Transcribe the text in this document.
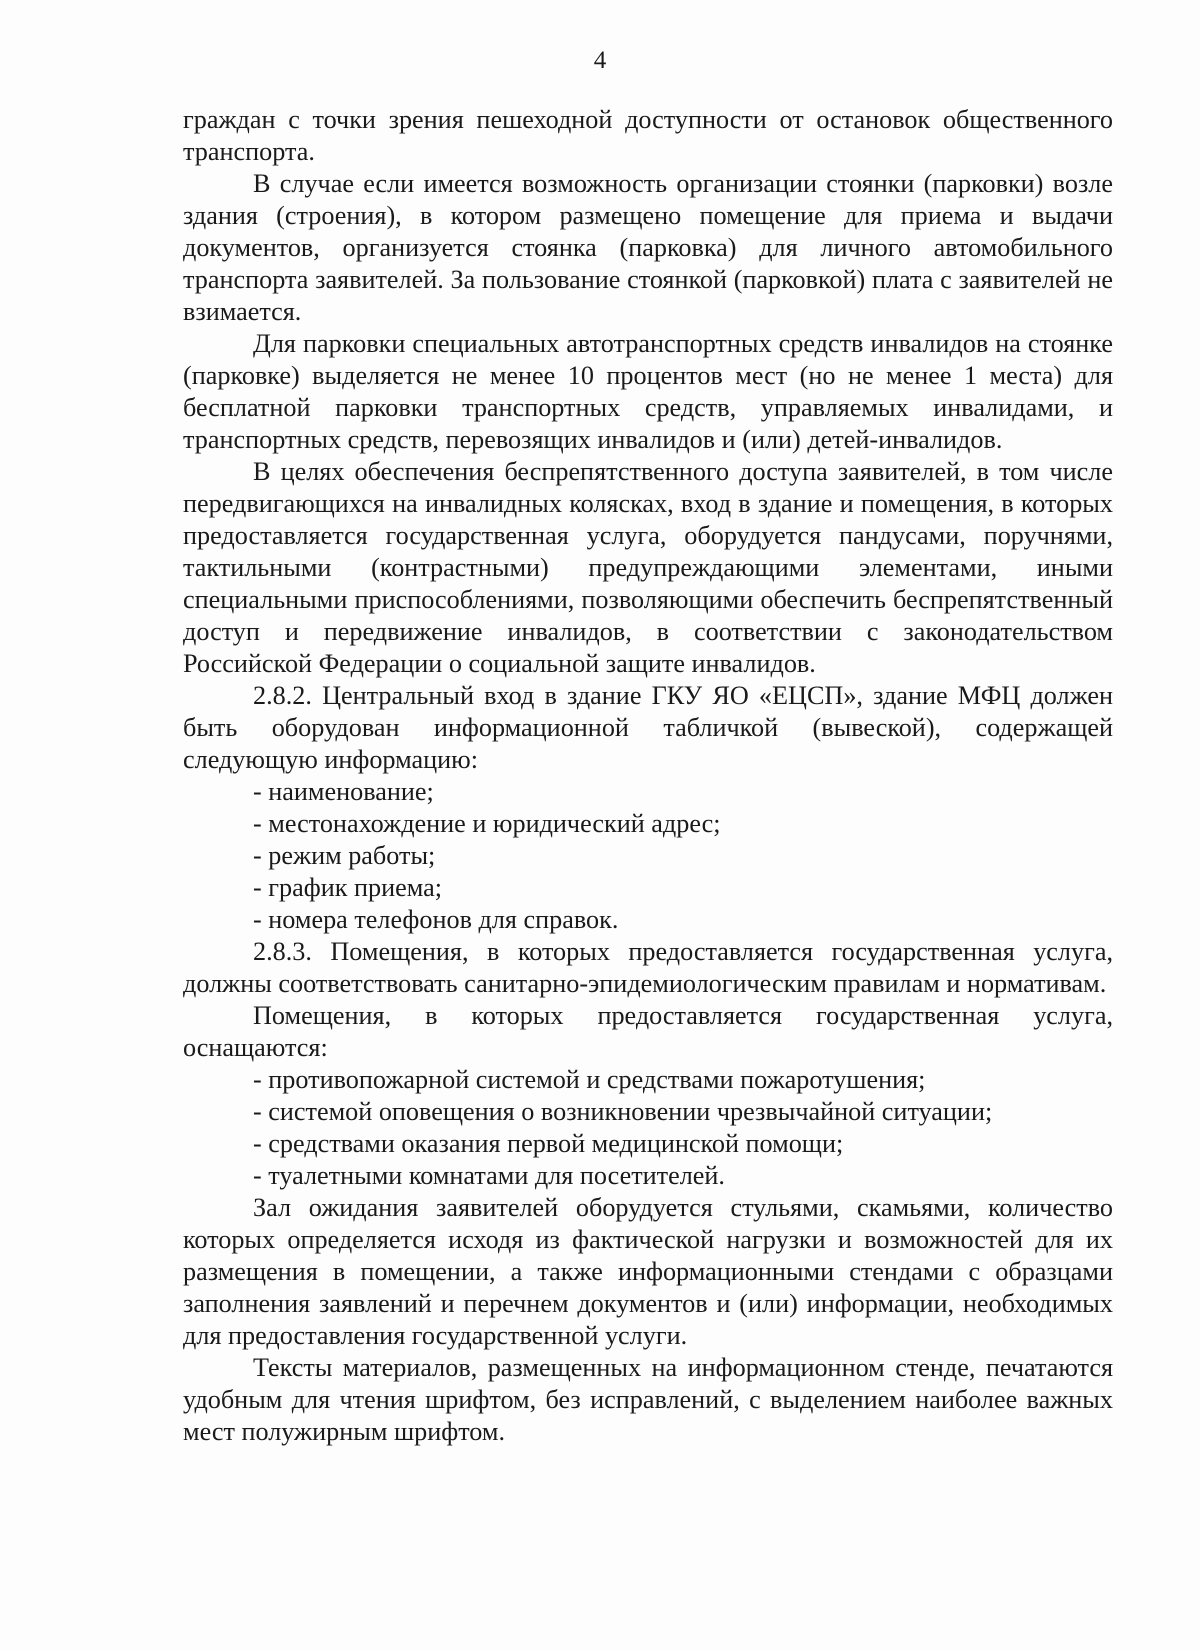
4

граждан с точки зрения пешеходной доступности от остановок общественного транспорта.

В случае если имеется возможность организации стоянки (парковки) возле здания (строения), в котором размещено помещение для приема и выдачи документов, организуется стоянка (парковка) для личного автомобильного транспорта заявителей. За пользование стоянкой (парковкой) плата с заявителей не взимается.

Для парковки специальных автотранспортных средств инвалидов на стоянке (парковке) выделяется не менее 10 процентов мест (но не менее 1 места) для бесплатной парковки транспортных средств, управляемых инвалидами, и транспортных средств, перевозящих инвалидов и (или) детей-инвалидов.

В целях обеспечения беспрепятственного доступа заявителей, в том числе передвигающихся на инвалидных колясках, вход в здание и помещения, в которых предоставляется государственная услуга, оборудуется пандусами, поручнями, тактильными (контрастными) предупреждающими элементами, иными специальными приспособлениями, позволяющими обеспечить беспрепятственный доступ и передвижение инвалидов, в соответствии с законодательством Российской Федерации о социальной защите инвалидов.

2.8.2. Центральный вход в здание ГКУ ЯО «ЕЦСП», здание МФЦ должен быть оборудован информационной табличкой (вывеской), содержащей следующую информацию:

- наименование;

- местонахождение и юридический адрес;

- режим работы;

- график приема;

- номера телефонов для справок.

2.8.3. Помещения, в которых предоставляется государственная услуга, должны соответствовать санитарно-эпидемиологическим правилам и нормативам.

Помещения, в которых предоставляется государственная услуга, оснащаются:

- противопожарной системой и средствами пожаротушения;

- системой оповещения о возникновении чрезвычайной ситуации;

- средствами оказания первой медицинской помощи;

- туалетными комнатами для посетителей.

Зал ожидания заявителей оборудуется стульями, скамьями, количество которых определяется исходя из фактической нагрузки и возможностей для их размещения в помещении, а также информационными стендами с образцами заполнения заявлений и перечнем документов и (или) информации, необходимых для предоставления государственной услуги.

Тексты материалов, размещенных на информационном стенде, печатаются удобным для чтения шрифтом, без исправлений, с выделением наиболее важных мест полужирным шрифтом.
